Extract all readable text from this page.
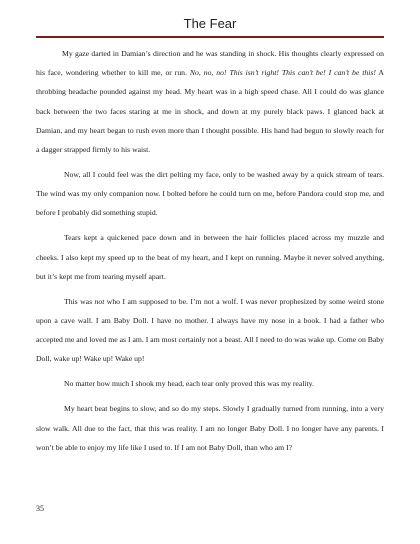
The Fear

My gaze darted in Damian’s direction and he was standing in shock. His thoughts clearly expressed on his face, wondering whether to kill me, or run. No, no, no! This isn’t right! This can’t be! I can’t be this! A throbbing headache pounded against my head. My heart was in a high speed chase. All I could do was glance back between the two faces staring at me in shock, and down at my purely black paws. I glanced back at Damian, and my heart began to rush even more than I thought possible. His hand had begun to slowly reach for a dagger strapped firmly to his waist.

Now, all I could feel was the dirt pelting my face, only to be washed away by a quick stream of tears. The wind was my only companion now. I bolted before he could turn on me, before Pandora could stop me, and before I probably did something stupid.

Tears kept a quickened pace down and in between the hair follicles placed across my muzzle and cheeks. I also kept my speed up to the beat of my heart, and I kept on running. Maybe it never solved anything, but it’s kept me from tearing myself apart.

This was not who I am supposed to be. I’m not a wolf. I was never prophesized by some weird stone upon a cave wall. I am Baby Doll. I have no mother. I always have my nose in a book. I had a father who accepted me and loved me as I am. I am most certainly not a beast. All I need to do was wake up. Come on Baby Doll, wake up! Wake up! Wake up!

No matter how much I shook my head, each tear only proved this was my reality.

My heart beat begins to slow, and so do my steps. Slowly I gradually turned from running, into a very slow walk. All due to the fact, that this was reality. I am no longer Baby Doll. I no longer have any parents. I won’t be able to enjoy my life like I used to. If I am not Baby Doll, than who am I?

35
